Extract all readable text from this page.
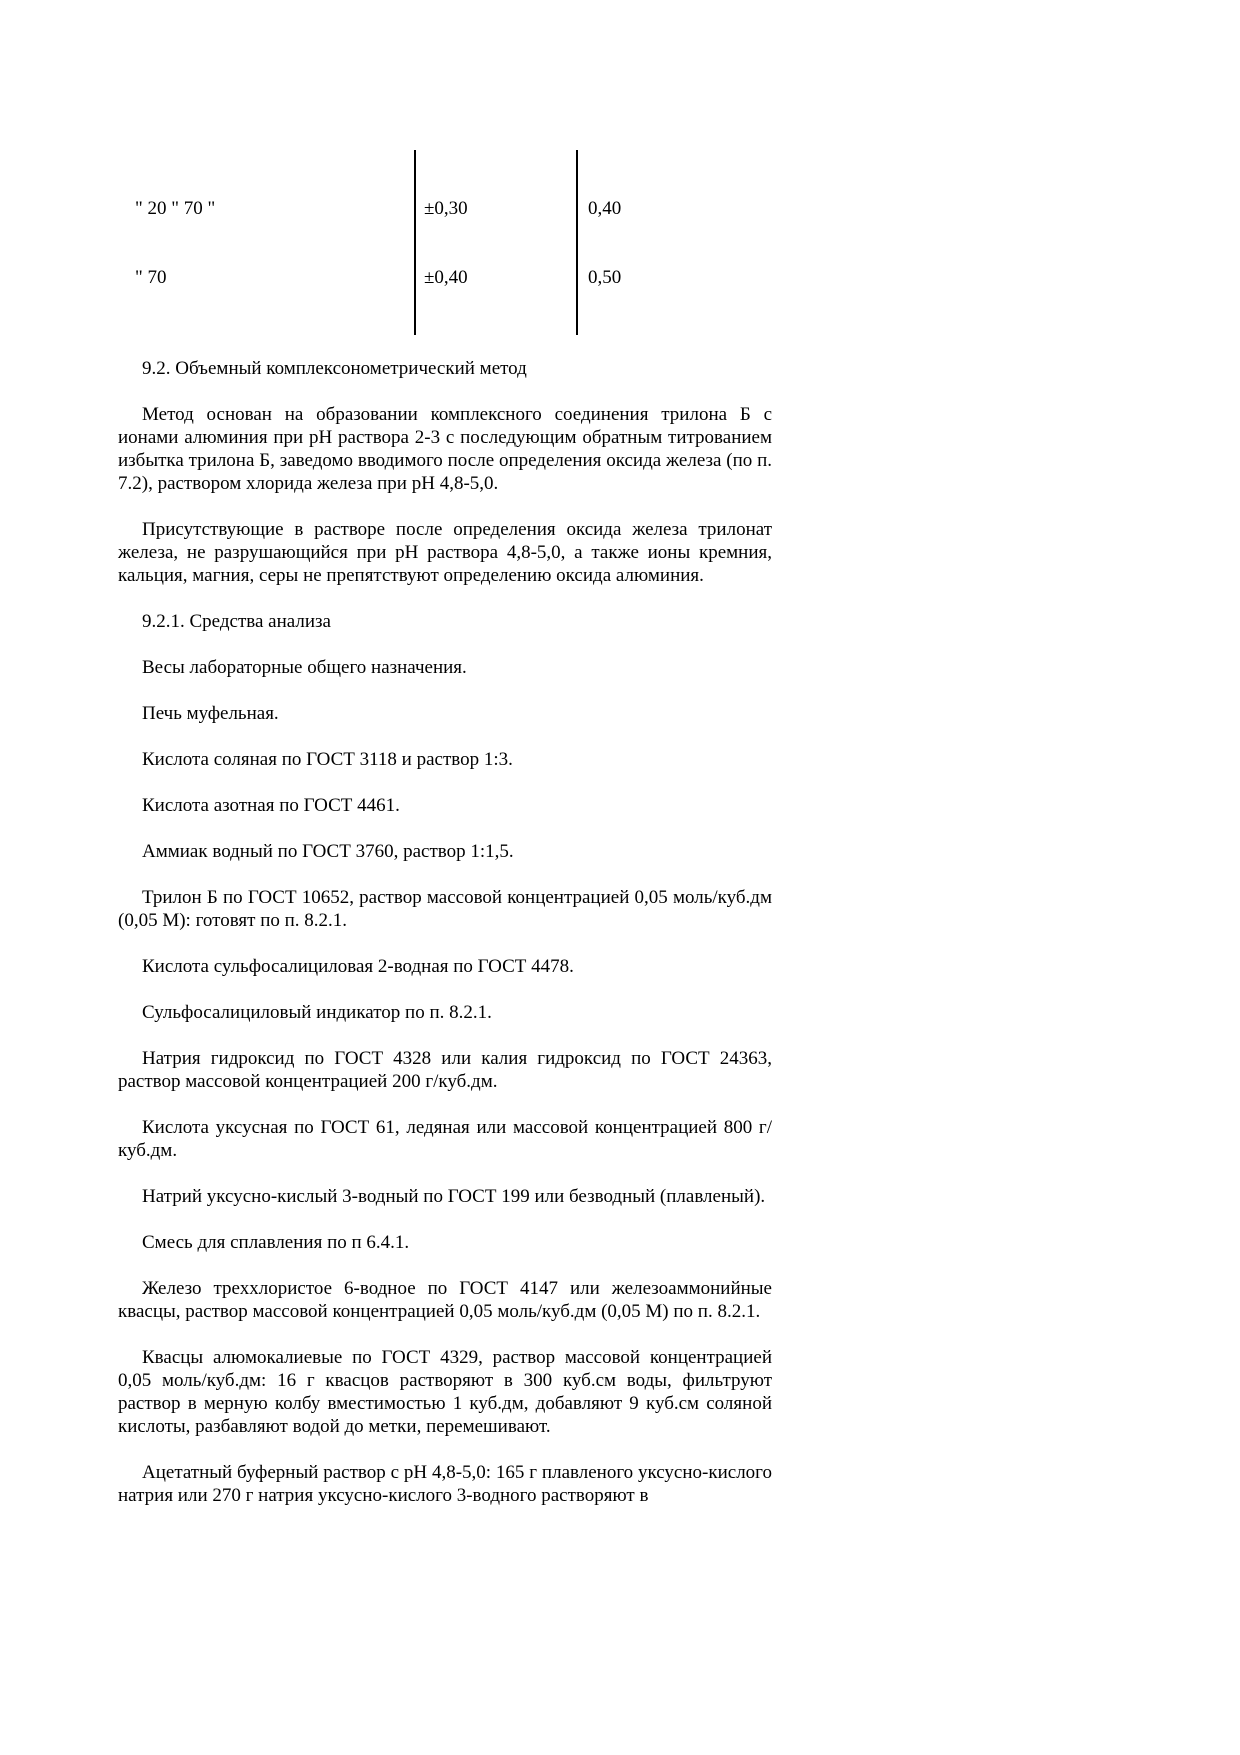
" 20 " 70 "	±0,30	0,40
" 70	±0,40	0,50

9.2. Объемный комплексонометрический метод

Метод основан на образовании комплексного соединения трилона Б с ионами алюминия при рН раствора 2-3 с последующим обратным титрованием избытка трилона Б, заведомо вводимого после определения оксида железа (по п. 7.2), раствором хлорида железа при рН 4,8-5,0.

Присутствующие в растворе после определения оксида железа трилонат железа, не разрушающийся при рН раствора 4,8-5,0, а также ионы кремния, кальция, магния, серы не препятствуют определению оксида алюминия.

9.2.1. Средства анализа

Весы лабораторные общего назначения.

Печь муфельная.

Кислота соляная по ГОСТ 3118 и раствор 1:3.

Кислота азотная по ГОСТ 4461.

Аммиак водный по ГОСТ 3760, раствор 1:1,5.

Трилон Б по ГОСТ 10652, раствор массовой концентрацией 0,05 моль/куб.дм (0,05 М): готовят по п. 8.2.1.

Кислота сульфосалициловая 2-водная по ГОСТ 4478.

Сульфосалициловый индикатор по п. 8.2.1.

Натрия гидроксид по ГОСТ 4328 или калия гидроксид по ГОСТ 24363, раствор массовой концентрацией 200 г/куб.дм.

Кислота уксусная по ГОСТ 61, ледяная или массовой концентрацией 800 г/куб.дм.

Натрий уксусно-кислый 3-водный по ГОСТ 199 или безводный (плавленый).

Смесь для сплавления по п 6.4.1.

Железо треххлористое 6-водное по ГОСТ 4147 или железоаммонийные квасцы, раствор массовой концентрацией 0,05 моль/куб.дм (0,05 М) по п. 8.2.1.

Квасцы алюмокалиевые по ГОСТ 4329, раствор массовой концентрацией 0,05 моль/куб.дм: 16 г квасцов растворяют в 300 куб.см воды, фильтруют раствор в мерную колбу вместимостью 1 куб.дм, добавляют 9 куб.см соляной кислоты, разбавляют водой до метки, перемешивают.

Ацетатный буферный раствор с рН 4,8-5,0: 165 г плавленого уксусно-кислого натрия или 270 г натрия уксусно-кислого 3-водного растворяют в
